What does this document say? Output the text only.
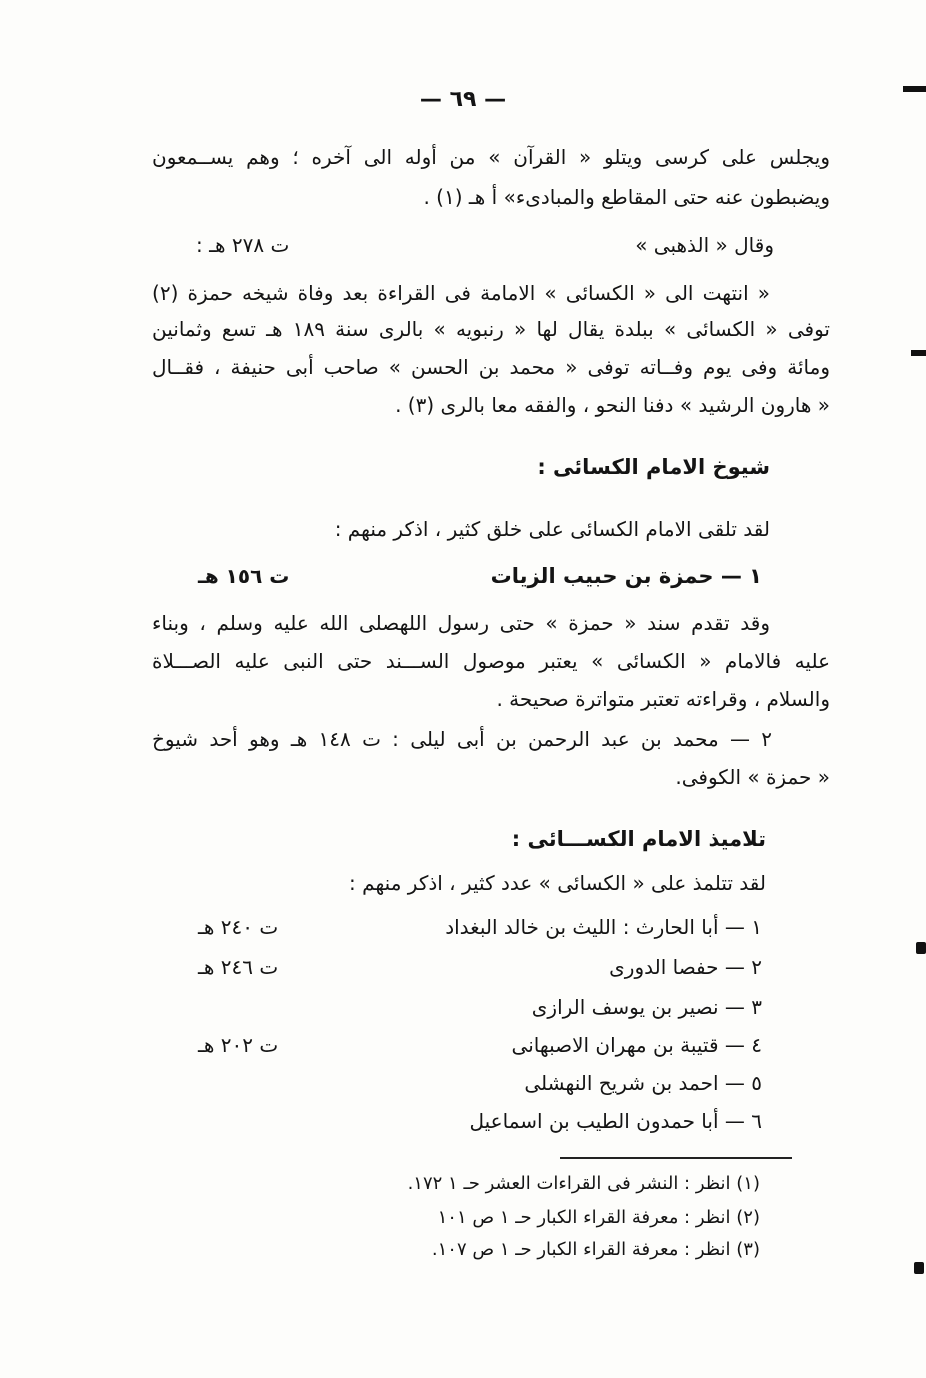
— ٦٩ —
ويجلس على كرسى ويتلو « القرآن » من أوله الى آخره ؛ وهم يســمعون
ويضبطون عنه حتى المقاطع والمبادىء» أ هـ (١) .
وقال « الذهبى »
ت ٢٧٨ هـ :
« انتهت الى « الكسائى » الامامة فى القراءة بعد وفاة شيخه حمزة (٢)
توفى « الكسائى » ببلدة يقال لها « رنبويه » بالرى سنة ١٨٩ هـ تسع وثمانين
ومائة وفى يوم وفــاته توفى « محمد بن الحسن » صاحب أبى حنيفة ، فقــال
« هارون الرشيد » دفنا النحو ، والفقه معا بالرى (٣) .
شيوخ الامام الكسائى :
لقد تلقى الامام الكسائى على خلق كثير ، اذكر منهم :
١ — حمزة بن حبيب الزيات
ت ١٥٦ هـ
وقد تقدم سند « حمزة » حتى رسول اللهصلى الله عليه وسلم ، وبناء
عليه فالامام « الكسائى » يعتبر موصول الســـند حتى النبى عليه الصـــلاة
والسلام ، وقراءته تعتبر متواترة صحيحة .
٢ — محمد بن عبد الرحمن بن أبى ليلى : ت ١٤٨ هـ وهو أحد شيوخ
« حمزة » الكوفى.
تلاميذ الامام الكســـائى :
لقد تتلمذ على « الكسائى » عدد كثير ، اذكر منهم :
١ — أبا الحارث : الليث بن خالد البغداد
ت ٢٤٠ هـ
٢ — حفصا الدورى
ت ٢٤٦ هـ
٣ — نصير بن يوسف الرازى
٤ — قتيبة بن مهران الاصبهانى
ت ٢٠٢ هـ
٥ — احمد بن شريح النهشلى
٦ — أبا حمدون الطيب بن اسماعيل
(١) انظر : النشر فى القراءات العشر حـ ١ ١٧٢.
(٢) انظر : معرفة القراء الكبار حـ ١ ص ١٠١
(٣) انظر : معرفة القراء الكبار حـ ١ ص ١٠٧.
